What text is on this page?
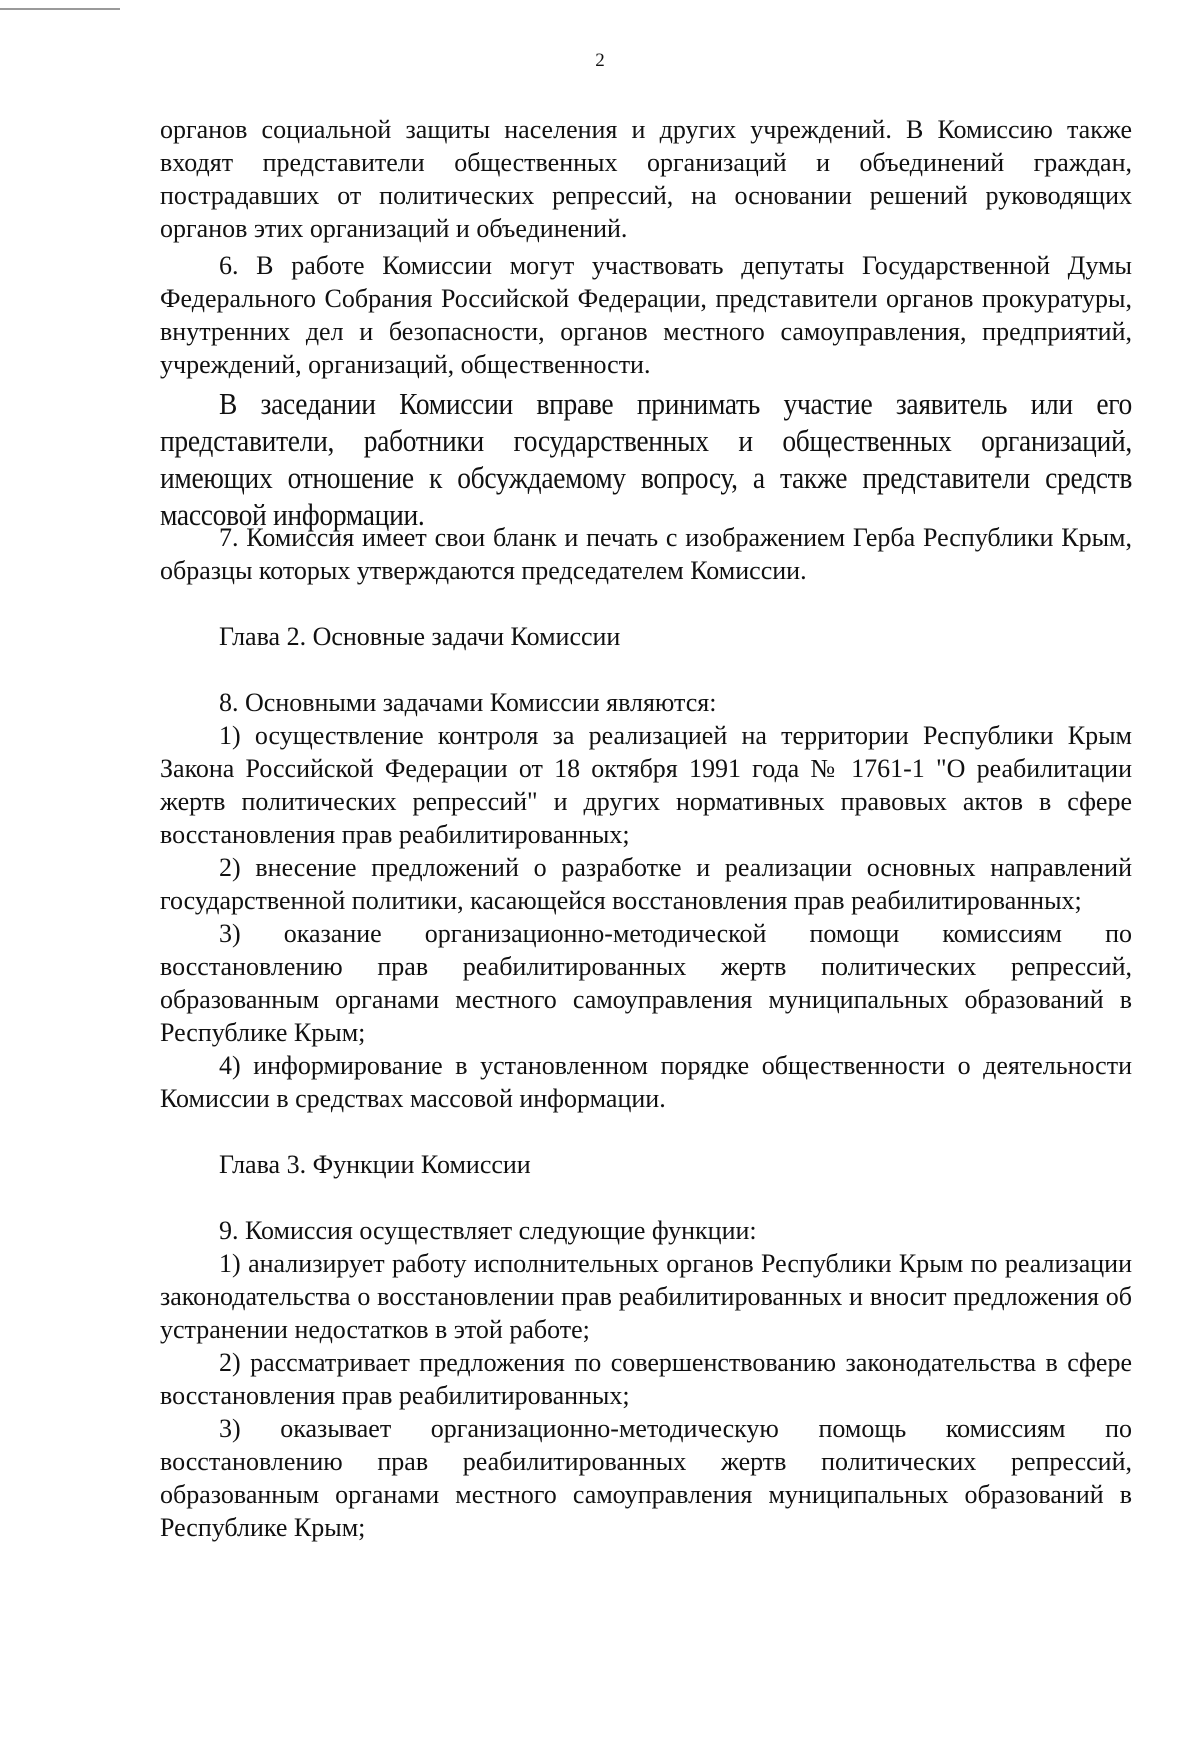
2

органов социальной защиты населения и других учреждений. В Комиссию также входят представители общественных организаций и объединений граждан, пострадавших от политических репрессий, на основании решений руководящих органов этих организаций и объединений.

6. В работе Комиссии могут участвовать депутаты Государственной Думы Федерального Собрания Российской Федерации, представители органов прокуратуры, внутренних дел и безопасности, органов местного самоуправления, предприятий, учреждений, организаций, общественности.

В заседании Комиссии вправе принимать участие заявитель или его представители, работники государственных и общественных организаций, имеющих отношение к обсуждаемому вопросу, а также представители средств массовой информации.

7. Комиссия имеет свои бланк и печать с изображением Герба Республики Крым, образцы которых утверждаются председателем Комиссии.

Глава 2. Основные задачи Комиссии

8. Основными задачами Комиссии являются:

1) осуществление контроля за реализацией на территории Республики Крым Закона Российской Федерации от 18 октября 1991 года № 1761-1 "О реабилитации жертв политических репрессий" и других нормативных правовых актов в сфере восстановления прав реабилитированных;

2) внесение предложений о разработке и реализации основных направлений государственной политики, касающейся восстановления прав реабилитированных;

3) оказание организационно-методической помощи комиссиям по восстановлению прав реабилитированных жертв политических репрессий, образованным органами местного самоуправления муниципальных образований в Республике Крым;

4) информирование в установленном порядке общественности о деятельности Комиссии в средствах массовой информации.

Глава 3. Функции Комиссии

9. Комиссия осуществляет следующие функции:

1) анализирует работу исполнительных органов Республики Крым по реализации законодательства о восстановлении прав реабилитированных и вносит предложения об устранении недостатков в этой работе;

2) рассматривает предложения по совершенствованию законодательства в сфере восстановления прав реабилитированных;

3) оказывает организационно-методическую помощь комиссиям по восстановлению прав реабилитированных жертв политических репрессий, образованным органами местного самоуправления муниципальных образований в Республике Крым;
